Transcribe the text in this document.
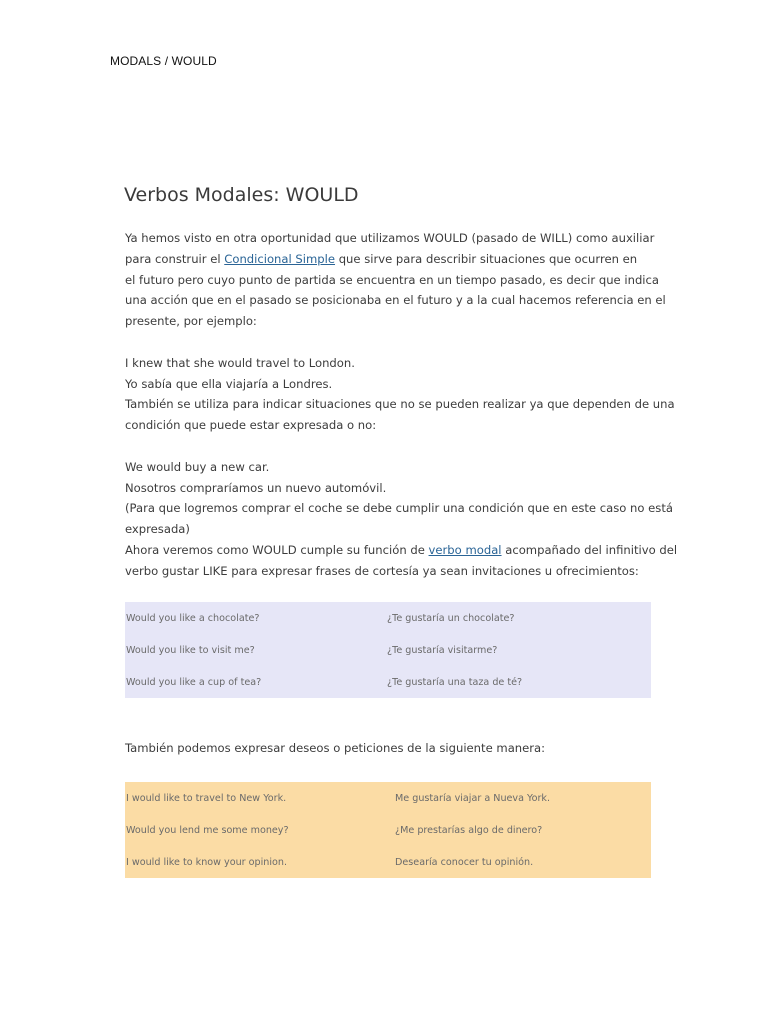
MODALS / WOULD
Verbos Modales: WOULD
Ya hemos visto en otra oportunidad que utilizamos WOULD (pasado de WILL) como auxiliar
para construir el Condicional Simple que sirve para describir situaciones que ocurren en
el futuro pero cuyo punto de partida se encuentra en un tiempo pasado, es decir que indica
una acción que en el pasado se posicionaba en el futuro y a la cual hacemos referencia en el
presente, por ejemplo:
I knew that she would travel to London.
Yo sabía que ella viajaría a Londres.
También se utiliza para indicar situaciones que no se pueden realizar ya que dependen de una
condición que puede estar expresada o no:
We would buy a new car.
Nosotros compraríamos un nuevo automóvil.
(Para que logremos comprar el coche se debe cumplir una condición que en este caso no está
expresada)
Ahora veremos como WOULD cumple su función de verbo modal acompañado del infinitivo del
verbo gustar LIKE para expresar frases de cortesía ya sean invitaciones u ofrecimientos:
Would you like a chocolate?	¿Te gustaría un chocolate?
Would you like to visit me?	¿Te gustaría visitarme?
Would you like a cup of tea?	¿Te gustaría una taza de té?
También podemos expresar deseos o peticiones de la siguiente manera:
I would like to travel to New York.	Me gustaría viajar a Nueva York.
Would you lend me some money?	¿Me prestarías algo de dinero?
I would like to know your opinion.	Desearía conocer tu opinión.
